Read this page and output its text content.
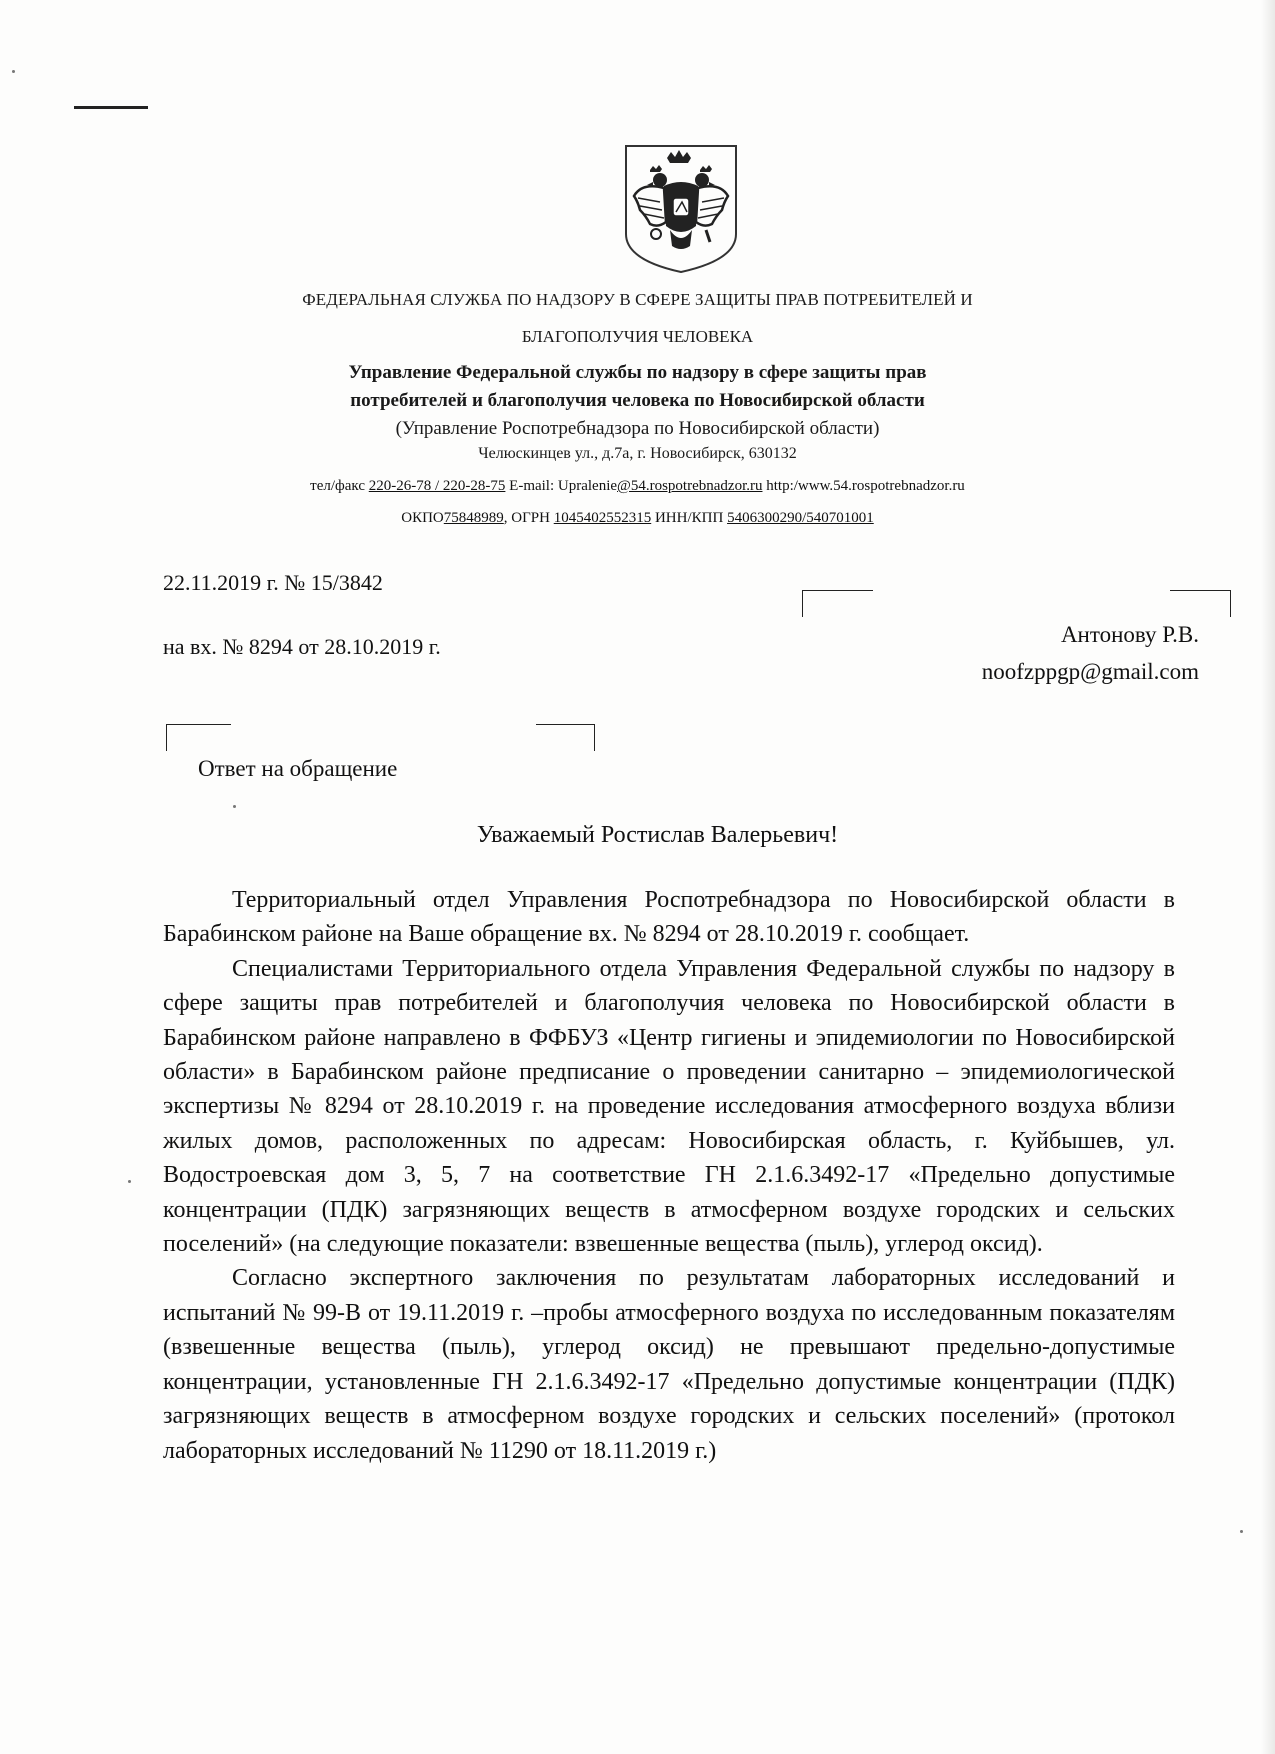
ФЕДЕРАЛЬНАЯ СЛУЖБА ПО НАДЗОРУ В СФЕРЕ ЗАЩИТЫ ПРАВ ПОТРЕБИТЕЛЕЙ И
БЛАГОПОЛУЧИЯ ЧЕЛОВЕКА
Управление Федеральной службы по надзору в сфере защиты прав
потребителей и благополучия человека по Новосибирской области
(Управление Роспотребнадзора по Новосибирской области)
Челюскинцев ул., д.7а, г. Новосибирск, 630132
тел/факс 220-26-78 / 220-28-75 E-mail: Upralenie@54.rospotrebnadzor.ru http:/www.54.rospotrebnadzor.ru
ОКПО75848989, ОГРН 1045402552315 ИНН/КПП 5406300290/540701001
22.11.2019 г. № 15/3842
на вх. № 8294 от 28.10.2019 г.	Антонову Р.В.
noofzppgp@gmail.com
Ответ на обращение
Уважаемый Ростислав Валерьевич!

Территориальный отдел Управления Роспотребнадзора по Новосибирской области в Барабинском районе на Ваше обращение вх. № 8294 от 28.10.2019 г. сообщает.

Специалистами Территориального отдела Управления Федеральной службы по надзору в сфере защиты прав потребителей и благополучия человека по Новосибирской области в Барабинском районе направлено в ФФБУЗ «Центр гигиены и эпидемиологии по Новосибирской области» в Барабинском районе предписание о проведении санитарно – эпидемиологической экспертизы № 8294 от 28.10.2019 г. на проведение исследования атмосферного воздуха вблизи жилых домов, расположенных по адресам: Новосибирская область, г. Куйбышев, ул. Водостроевская дом 3, 5, 7 на соответствие ГН 2.1.6.3492-17 «Предельно допустимые концентрации (ПДК) загрязняющих веществ в атмосферном воздухе городских и сельских поселений» (на следующие показатели: взвешенные вещества (пыль), углерод оксид).

Согласно экспертного заключения по результатам лабораторных исследований и испытаний № 99-В от 19.11.2019 г. –пробы атмосферного воздуха по исследованным показателям (взвешенные вещества (пыль), углерод оксид) не превышают предельно-допустимые концентрации, установленные ГН 2.1.6.3492-17 «Предельно допустимые концентрации (ПДК) загрязняющих веществ в атмосферном воздухе городских и сельских поселений» (протокол лабораторных исследований № 11290 от 18.11.2019 г.)
